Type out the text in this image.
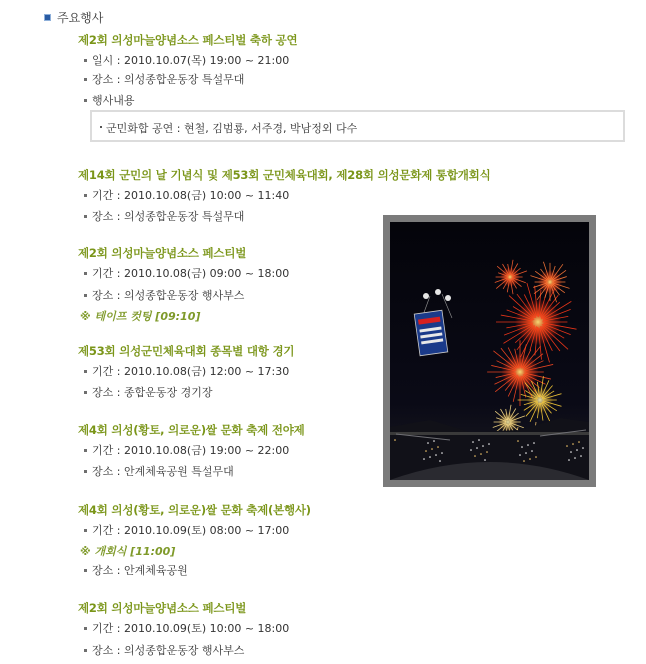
주요행사
제2회 의성마늘양념소스 페스티벌 축하 공연
일시 : 2010.10.07(목) 19:00 ~ 21:00
장소 : 의성종합운동장 특설무대
행사내용
군민화합 공연 : 현철, 김범룡, 서주경, 박남정외 다수
제14회 군민의 날 기념식 및 제53회 군민체육대회, 제28회 의성문화제 통합개회식
기간 : 2010.10.08(금) 10:00 ~ 11:40
장소 : 의성종합운동장 특설무대
제2회 의성마늘양념소스 페스티벌
기간 : 2010.10.08(금) 09:00 ~ 18:00
장소 : 의성종합운동장 행사부스
※ 테이프 컷팅 [09:10]
제53회 의성군민체육대회 종목별 대항 경기
기간 : 2010.10.08(금) 12:00 ~ 17:30
장소 : 종합운동장 경기장
제4회 의성(황토, 의로운)쌀 문화 축제 전야제
기간 : 2010.10.08(금) 19:00 ~ 22:00
장소 : 안계체육공원 특설무대
제4회 의성(황토, 의로운)쌀 문화 축제(본행사)
기간 : 2010.10.09(토) 08:00 ~ 17:00
※ 개회식 [11:00]
장소 : 안계체육공원
제2회 의성마늘양념소스 페스티벌
기간 : 2010.10.09(토) 10:00 ~ 18:00
장소 : 의성종합운동장 행사부스
